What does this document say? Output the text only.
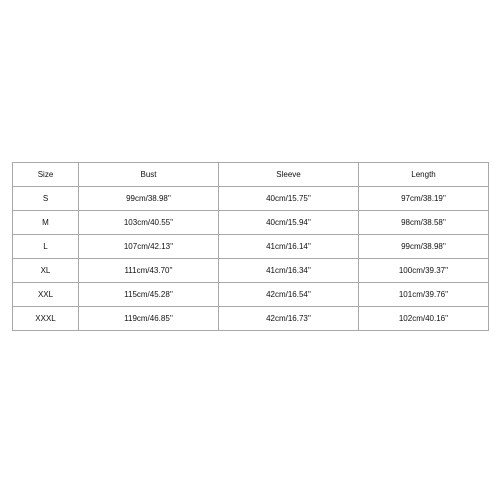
Size	Bust	Sleeve	Length
S	99cm/38.98''	40cm/15.75''	97cm/38.19''
M	103cm/40.55''	40cm/15.94''	98cm/38.58''
L	107cm/42.13''	41cm/16.14''	99cm/38.98''
XL	111cm/43.70''	41cm/16.34''	100cm/39.37''
XXL	115cm/45.28''	42cm/16.54''	101cm/39.76''
XXXL	119cm/46.85''	42cm/16.73''	102cm/40.16''
